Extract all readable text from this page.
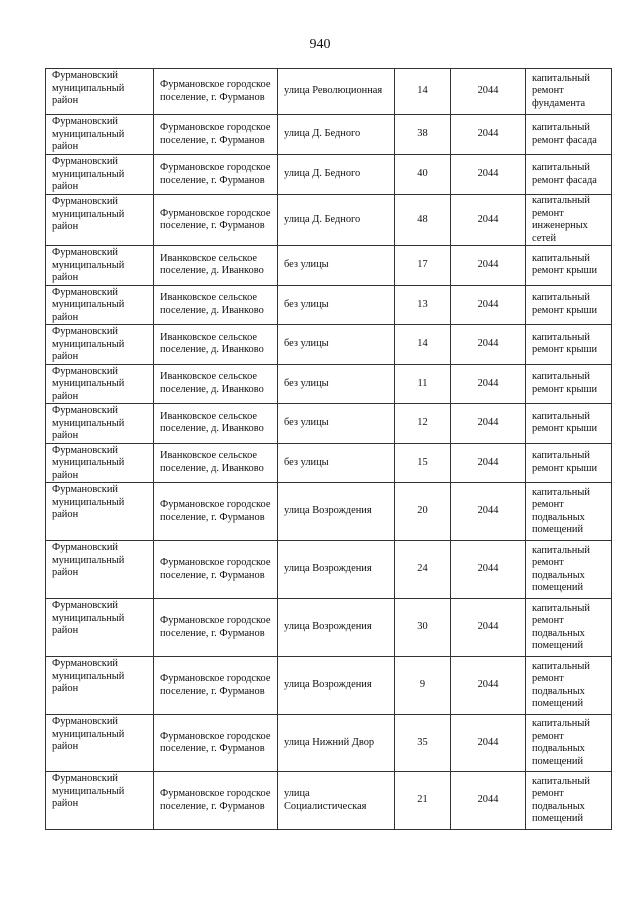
940
Фурмановский муниципальный район	Фурмановское городское поселение, г. Фурманов	улица Революционная	14	2044	капитальный ремонт фундамента
Фурмановский муниципальный район	Фурмановское городское поселение, г. Фурманов	улица Д. Бедного	38	2044	капитальный ремонт фасада
Фурмановский муниципальный район	Фурмановское городское поселение, г. Фурманов	улица Д. Бедного	40	2044	капитальный ремонт фасада
Фурмановский муниципальный район	Фурмановское городское поселение, г. Фурманов	улица Д. Бедного	48	2044	капитальный ремонт инженерных сетей
Фурмановский муниципальный район	Иванковское сельское поселение, д. Иванково	без улицы	17	2044	капитальный ремонт крыши
Фурмановский муниципальный район	Иванковское сельское поселение, д. Иванково	без улицы	13	2044	капитальный ремонт крыши
Фурмановский муниципальный район	Иванковское сельское поселение, д. Иванково	без улицы	14	2044	капитальный ремонт крыши
Фурмановский муниципальный район	Иванковское сельское поселение, д. Иванково	без улицы	11	2044	капитальный ремонт крыши
Фурмановский муниципальный район	Иванковское сельское поселение, д. Иванково	без улицы	12	2044	капитальный ремонт крыши
Фурмановский муниципальный район	Иванковское сельское поселение, д. Иванково	без улицы	15	2044	капитальный ремонт крыши
Фурмановский муниципальный район	Фурмановское городское поселение, г. Фурманов	улица Возрождения	20	2044	капитальный ремонт подвальных помещений
Фурмановский муниципальный район	Фурмановское городское поселение, г. Фурманов	улица Возрождения	24	2044	капитальный ремонт подвальных помещений
Фурмановский муниципальный район	Фурмановское городское поселение, г. Фурманов	улица Возрождения	30	2044	капитальный ремонт подвальных помещений
Фурмановский муниципальный район	Фурмановское городское поселение, г. Фурманов	улица Возрождения	9	2044	капитальный ремонт подвальных помещений
Фурмановский муниципальный район	Фурмановское городское поселение, г. Фурманов	улица Нижний Двор	35	2044	капитальный ремонт подвальных помещений
Фурмановский муниципальный район	Фурмановское городское поселение, г. Фурманов	улица Социалистическая	21	2044	капитальный ремонт подвальных помещений
